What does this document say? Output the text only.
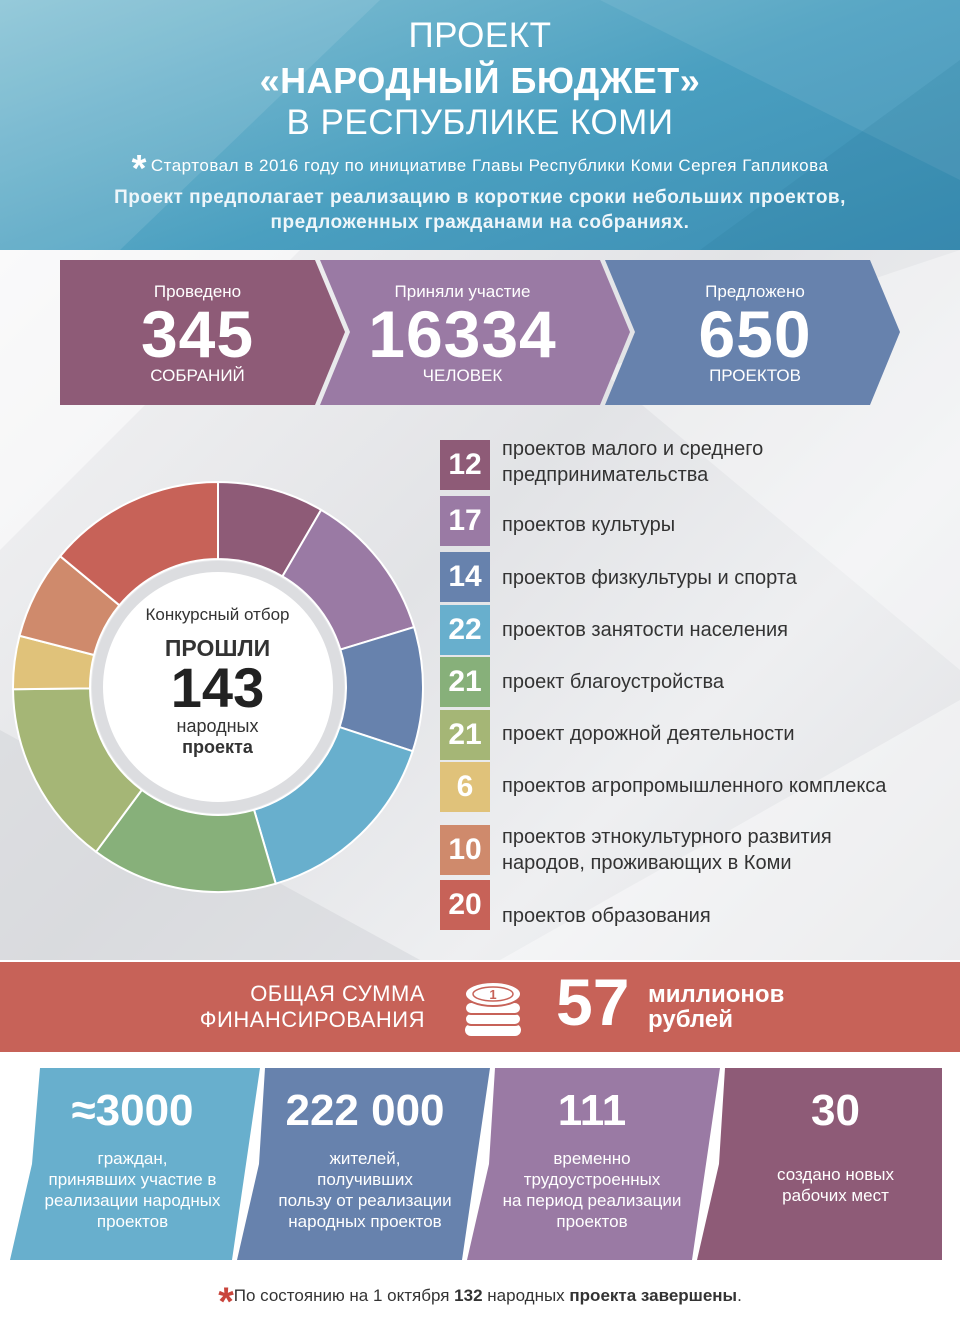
ПРОЕКТ
«НАРОДНЫЙ БЮДЖЕТ»
В РЕСПУБЛИКЕ КОМИ
* Стартовал в 2016 году по инициативе Главы Республики Коми Сергея Гапликова
Проект предполагает реализацию в короткие сроки небольших проектов,
предложенных гражданами на собраниях.
Проведено
345
СОБРАНИЙ
Приняли участие
16334
ЧЕЛОВЕК
Предложено
650
ПРОЕКТОВ
Конкурсный отбор
ПРОШЛИ
143
народных
проекта
12	проектов малого и среднего
предпринимательства
17	проектов культуры
14	проектов физкультуры и спорта
22	проектов занятости населения
21	проект благоустройства
21	проект дорожной деятельности
6	проектов агропромышленного комплекса
10	проектов этнокультурного развития
народов, проживающих в Коми
20	проектов образования
ОБЩАЯ СУММА
ФИНАНСИРОВАНИЯ
1 57 миллионов
рублей
≈3000
граждан,
принявших участие в
реализации народных
проектов
222 000
жителей,
получивших
пользу от реализации
народных проектов
111
временно
трудоустроенных
на период реализации
проектов
30
создано новых
рабочих мест
*По состоянию на 1 октября 132 народных проекта завершены.
